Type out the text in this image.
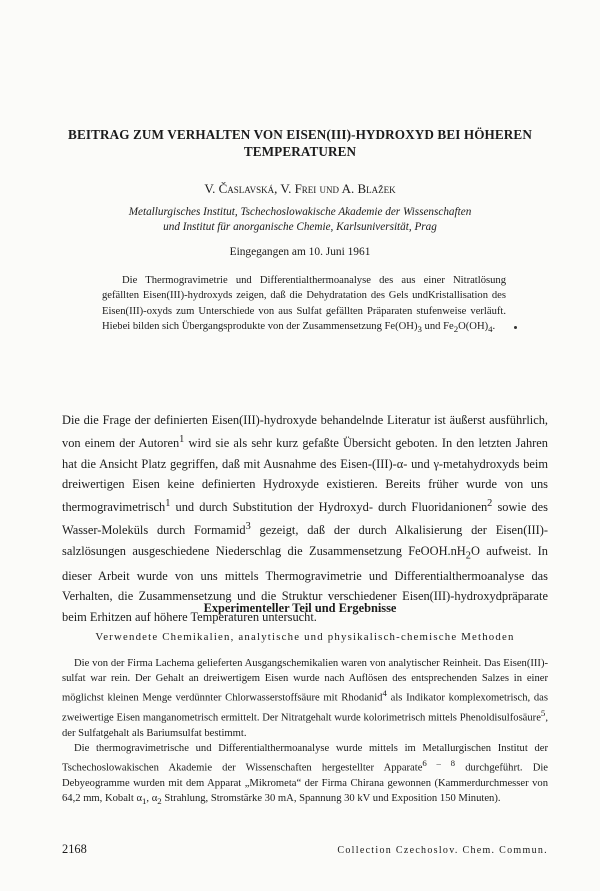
BEITRAG ZUM VERHALTEN VON EISEN(III)-HYDROXYD BEI HÖHEREN
TEMPERATUREN
V. Časlavská, V. Frei und A. Blažek
Metallurgisches Institut, Tschechoslowakische Akademie der Wissenschaften
und Institut für anorganische Chemie, Karlsuniversität, Prag
Eingegangen am 10. Juni 1961

Die Thermogravimetrie und Differentialthermoanalyse des aus einer Nitratlösung gefällten Eisen(III)-hydroxyds zeigen, daß die Dehydratation des Gels undKristallisation des Eisen(III)-oxyds zum Unterschiede von aus Sulfat gefällten Präparaten stufenweise verläuft. Hiebei bilden sich Übergangsprodukte von der Zusammensetzung $Fe(OH)_3$ und $Fe_2O(OH)_4$.

Die die Frage der definierten Eisen(III)-hydroxyde behandelnde Literatur ist äußerst ausführlich, von einem der Autoren$^1$ wird sie als sehr kurz gefaßte Übersicht geboten. In den letzten Jahren hat die Ansicht Platz gegriffen, daß mit Ausnahme des Eisen-(III)-α- und γ-metahydroxyds beim dreiwertigen Eisen keine definierten Hydroxyde existieren. Bereits früher wurde von uns thermogravimetrisch$^1$ und durch Substitution der Hydroxyd- durch Fluoridanionen$^2$ sowie des Wasser-Moleküls durch Formamid$^3$ gezeigt, daß der durch Alkalisierung der Eisen(III)-salzlösungen ausgeschiedene Niederschlag die Zusammensetzung $FeOOH.nH_2O$ aufweist. In dieser Arbeit wurde von uns mittels Thermogravimetrie und Differentialthermoanalyse das Verhalten, die Zusammensetzung und die Struktur verschiedener Eisen(III)-hydroxydpräparate beim Erhitzen auf höhere Temperaturen untersucht.

Experimenteller Teil und Ergebnisse
Verwendete Chemikalien, analytische und physikalisch-chemische Methoden

Die von der Firma Lachema gelieferten Ausgangschemikalien waren von analytischer Reinheit. Das Eisen(III)-sulfat war rein. Der Gehalt an dreiwertigem Eisen wurde nach Auflösen des entsprechenden Salzes in einer möglichst kleinen Menge verdünnter Chlorwasserstoffsäure mit Rhodanid$^4$ als Indikator komplexometrisch, das zweiwertige Eisen manganometrisch ermittelt. Der Nitratgehalt wurde kolorimetrisch mittels Phenoldisulfosäure$^5$, der Sulfatgehalt als Bariumsulfat bestimmt.

Die thermogravimetrische und Differentialthermoanalyse wurde mittels im Metallurgischen Institut der Tschechoslowakischen Akademie der Wissenschaften hergestellter Apparate$^{6 - 8}$ durchgeführt. Die Debyeogramme wurden mit dem Apparat „Mikrometa“ der Firma Chirana gewonnen (Kammerdurchmesser von 64,2 mm, Kobalt $\alpha_1$, $\alpha_2$ Strahlung, Stromstärke 30 mA, Spannung 30 kV und Exposition 150 Minuten).

2168	Collection Czechoslov. Chem. Commun.
